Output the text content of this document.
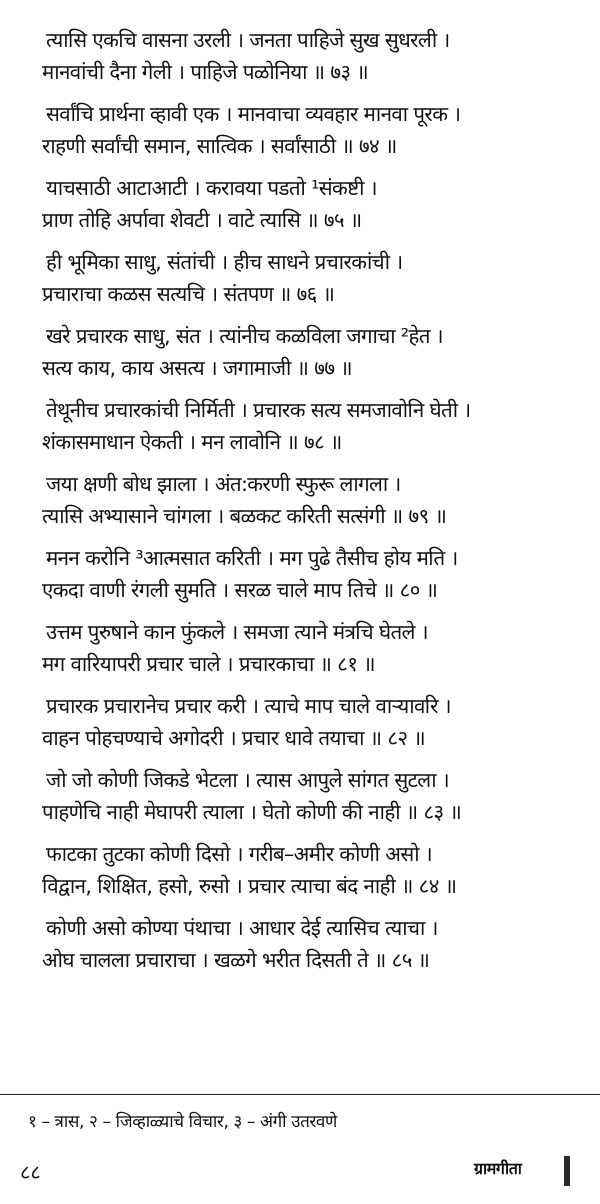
त्यासि एकचि वासना उरली । जनता पाहिजे सुख सुधरली ।
मानवांची दैना गेली । पाहिजे पळोनिया ॥ ७३ ॥
सर्वांचि प्रार्थना व्हावी एक । मानवाचा व्यवहार मानवा पूरक ।
राहणी सर्वांची समान, सात्विक । सर्वांसाठी ॥ ७४ ॥
याचसाठी आटाआटी । करावया पडतो ¹संकष्टी ।
प्राण तोहि अर्पावा शेवटी । वाटे त्यासि ॥ ७५ ॥
ही भूमिका साधु, संतांची । हीच साधने प्रचारकांची ।
प्रचाराचा कळस सत्यचि । संतपण ॥ ७६ ॥
खरे प्रचारक साधु, संत । त्यांनीच कळविला जगाचा ²हेत ।
सत्य काय, काय असत्य । जगामाजी ॥ ७७ ॥
तेथूनीच प्रचारकांची निर्मिती । प्रचारक सत्य समजावोनि घेती ।
शंकासमाधान ऐकती । मन लावोनि ॥ ७८ ॥
जया क्षणी बोध झाला । अंत:करणी स्फुरू लागला ।
त्यासि अभ्यासाने चांगला । बळकट करिती सत्संगी ॥ ७९ ॥
मनन करोनि ³आत्मसात करिती । मग पुढे तैसीच होय मति ।
एकदा वाणी रंगली सुमति । सरळ चाले माप तिचे ॥ ८० ॥
उत्तम पुरुषाने कान फुंकले । समजा त्याने मंत्रचि घेतले ।
मग वारियापरी प्रचार चाले । प्रचारकाचा ॥ ८१ ॥
प्रचारक प्रचारानेच प्रचार करी । त्याचे माप चाले वाऱ्यावरि ।
वाहन पोहचण्याचे अगोदरी । प्रचार धावे तयाचा ॥ ८२ ॥
जो जो कोणी जिकडे भेटला । त्यास आपुले सांगत सुटला ।
पाहणेचि नाही मेघापरी त्याला । घेतो कोणी की नाही ॥ ८३ ॥
फाटका तुटका कोणी दिसो । गरीब–अमीर कोणी असो ।
विद्वान, शिक्षित, हसो, रुसो । प्रचार त्याचा बंद नाही ॥ ८४ ॥
कोणी असो कोण्या पंथाचा । आधार देई त्यासिच त्याचा ।
ओघ चालला प्रचाराचा । खळगे भरीत दिसती ते ॥ ८५ ॥
१ – त्रास, २ – जिव्हाळ्याचे विचार, ३ – अंगी उतरवणे
८८	ग्रामगीता
